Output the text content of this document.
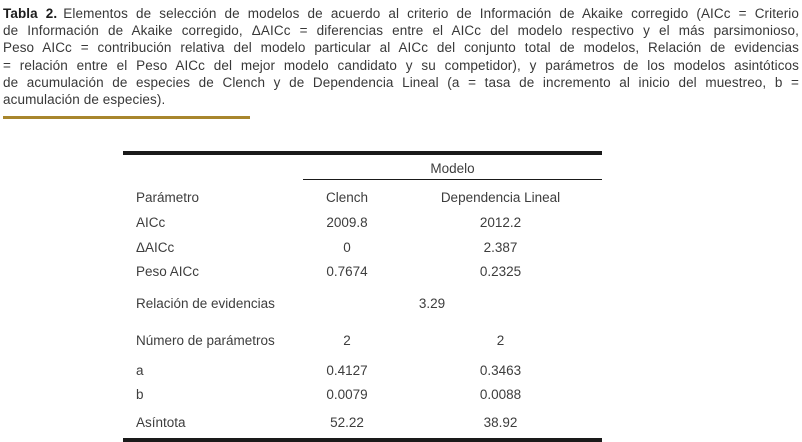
Tabla 2. Elementos de selección de modelos de acuerdo al criterio de Información de Akaike corregido (AICc = Criterio
de Información de Akaike corregido, ΔAICc = diferencias entre el AICc del modelo respectivo y el más parsimonioso,
Peso AICc = contribución relativa del modelo particular al AICc del conjunto total de modelos, Relación de evidencias
= relación entre el Peso AICc del mejor modelo candidato y su competidor), y parámetros de los modelos asintóticos
de acumulación de especies de Clench y de Dependencia Lineal (a = tasa de incremento al inicio del muestreo, b =
acumulación de especies).
Modelo
Parámetro	Clench	Dependencia Lineal
AICc	2009.8	2012.2
ΔAICc	0	2.387
Peso AICc	0.7674	0.2325
Relación de evidencias	3.29	
Número de parámetros	2	2
a	0.4127	0.3463
b	0.0079	0.0088
Asíntota	52.22	38.92
